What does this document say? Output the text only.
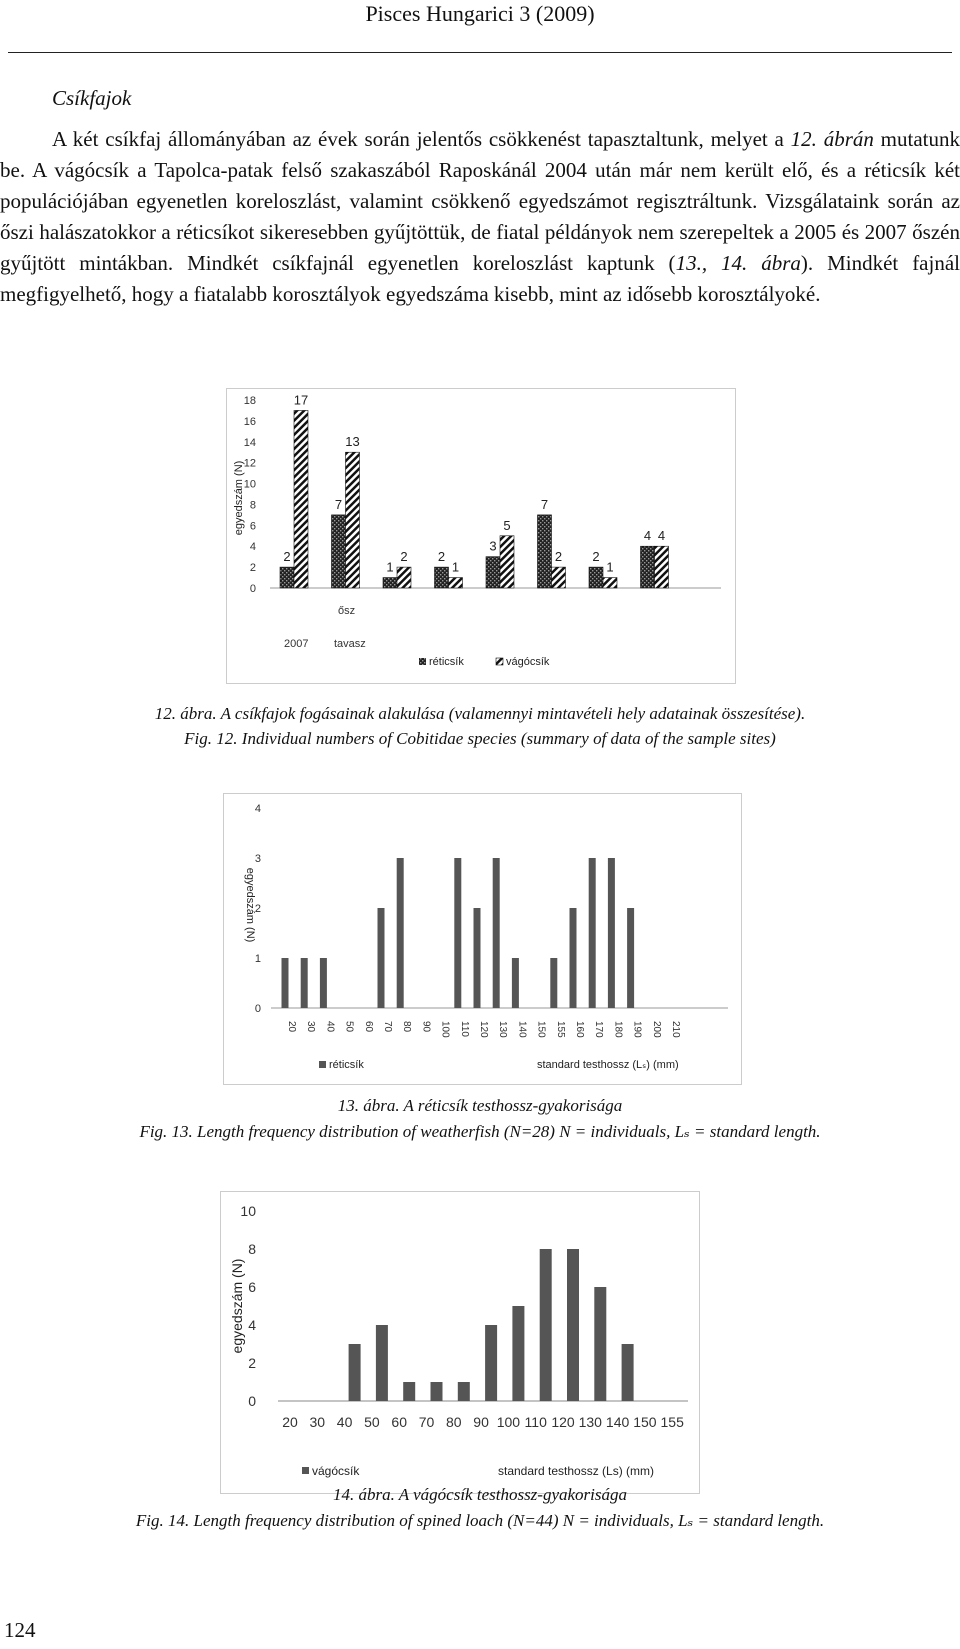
Pisces Hungarici 3 (2009)
Csíkfajok
A két csíkfaj állományában az évek során jelentős csökkenést tapasztaltunk, melyet a 12. ábrán mutatunk be. A vágócsík a Tapolca-patak felső szakaszából Raposkánál 2004 után már nem került elő, és a réticsík két populációjában egyenetlen koreloszlást, valamint csökkenő egyedszámot regisztráltunk. Vizsgálataink során az őszi halászatokkor a réticsíkot sikeresebben gyűjtöttük, de fiatal példányok nem szerepeltek a 2005 és 2007 őszén gyűjtött mintákban. Mindkét csíkfajnál egyenetlen koreloszlást kaptunk (13., 14. ábra). Mindkét fajnál megfigyelhető, hogy a fiatalabb korosztályok egyedszáma kisebb, mint az idősebb korosztályoké.
0
2
4
6
8
10
12
14
16
18
2
17
7
13
1
2 2
1
3
5
7
2 2
1
4 4
egyedszám (N)
ősz
2007 tavasz
réticsík	vágócsík
12. ábra. A csíkfajok fogásainak alakulása (valamennyi mintavételi hely adatainak összesítése).
Fig. 12. Individual numbers of Cobitidae species (summary of data of the sample sites)
0
1
2
3
4
20 30 40 50 60 70 80 90 100 110 120 130 140 150 155 160 170 180 190 200 210
egyedszám (N)
réticsík	standard testhossz (Lₛ) (mm)
13. ábra. A réticsík testhossz-gyakorisága
Fig. 13. Length frequency distribution of weatherfish (N=28) N = individuals, Lₛ = standard length.
0
2
4
6
8
10
20 30 40 50 60 70 80 90 100 110 120 130 140 150 155
egyedszám (N)
vágócsík	standard testhossz (Ls) (mm)
14. ábra. A vágócsík testhossz-gyakorisága
Fig. 14. Length frequency distribution of spined loach (N=44) N = individuals, Lₛ = standard length.
124
